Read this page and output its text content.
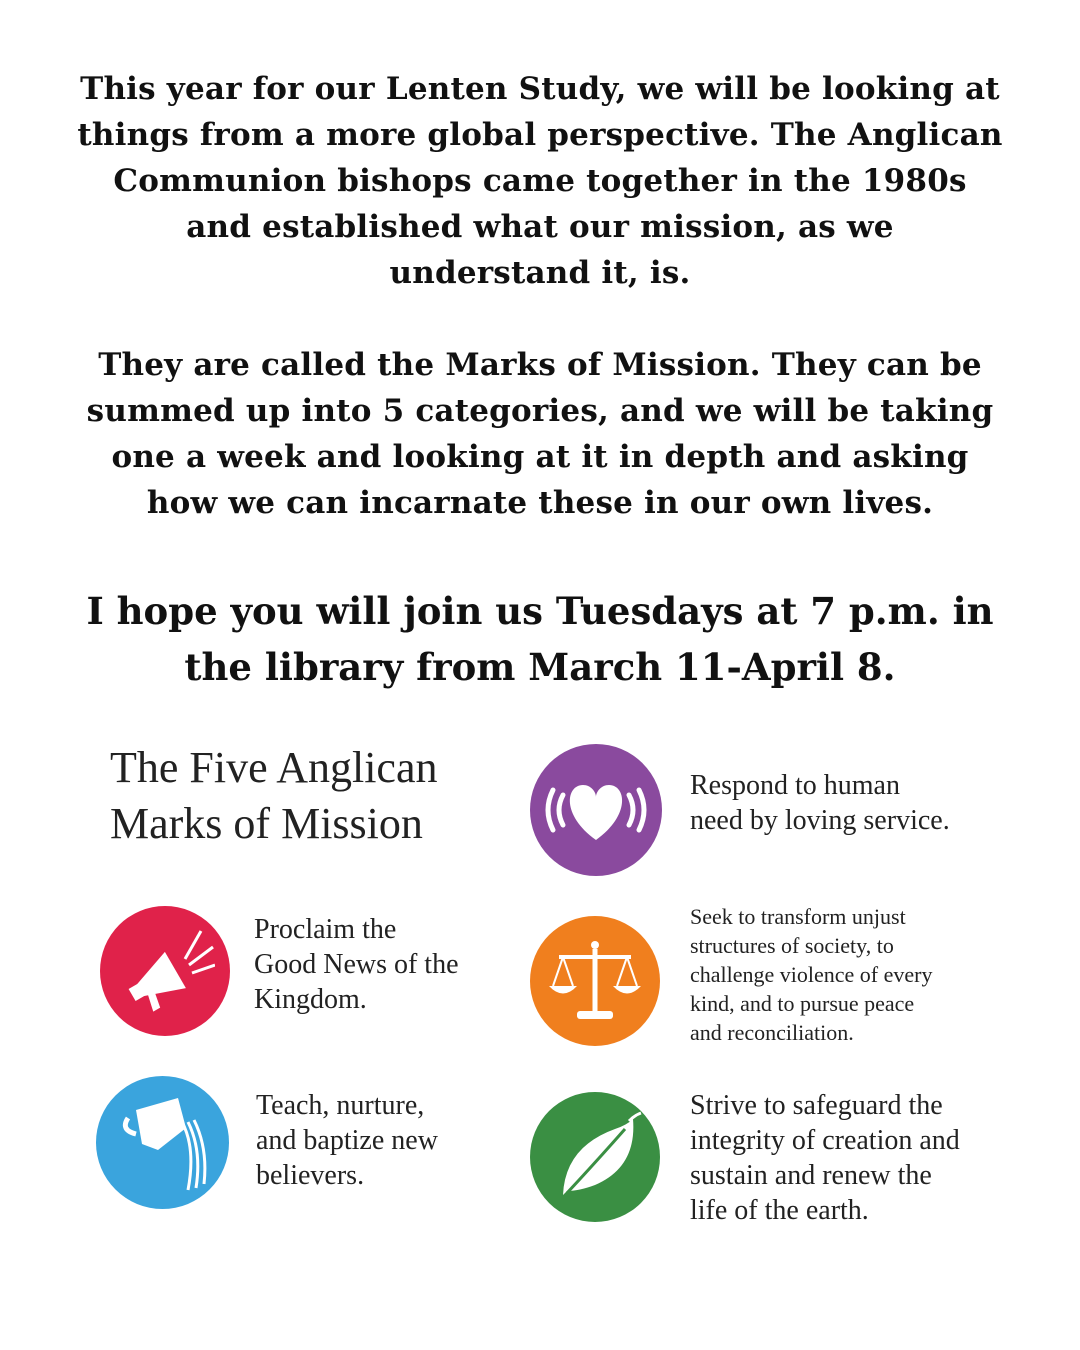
This year for our Lenten Study, we will be looking at
things from a more global perspective. The Anglican
Communion bishops came together in the 1980s
and established what our mission, as we
understand it, is.
They are called the Marks of Mission. They can be
summed up into 5 categories, and we will be taking
one a week and looking at it in depth and asking
how we can incarnate these in our own lives.
I hope you will join us Tuesdays at 7 p.m. in
the library from March 11-April 8.
The Five Anglican
Marks of Mission
Respond to human
need by loving service.
Proclaim the
Good News of the
Kingdom.
Seek to transform unjust
structures of society, to
challenge violence of every
kind, and to pursue peace
and reconciliation.
Teach, nurture,
and baptize new
believers.
Strive to safeguard the
integrity of creation and
sustain and renew the
life of the earth.
